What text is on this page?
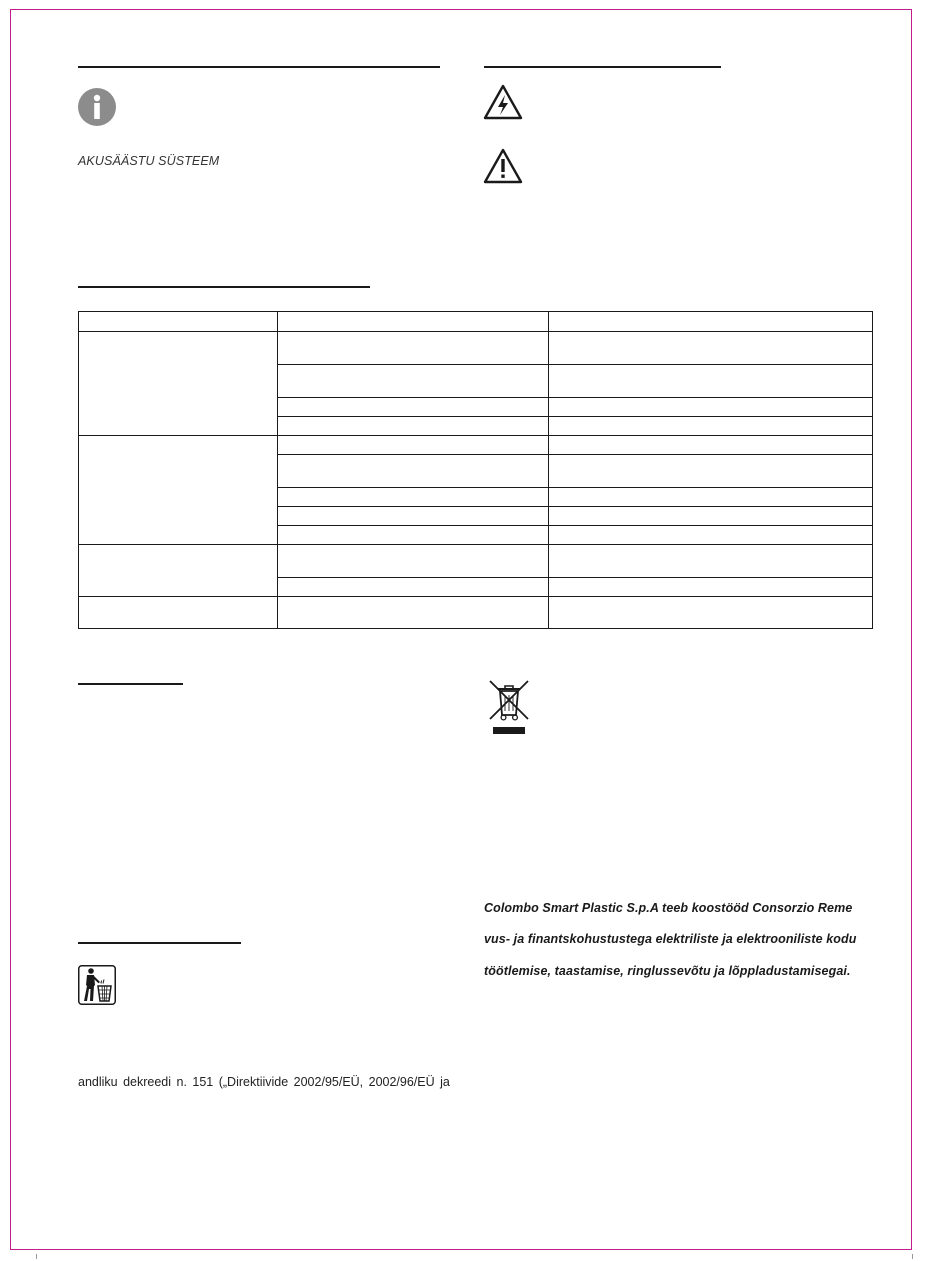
AKUSÄÄSTU SÜSTEEM

andliku dekreedi n. 151 („Direktiivide 2002/95/EÜ, 2002/96/EÜ ja
Colombo Smart Plastic S.p.A teeb koostööd Consorzio Reme
vus- ja finantskohustustega elektriliste ja elektrooniliste kodu
töötlemise, taastamise, ringlussevõtu ja lõppladustamisegai.
